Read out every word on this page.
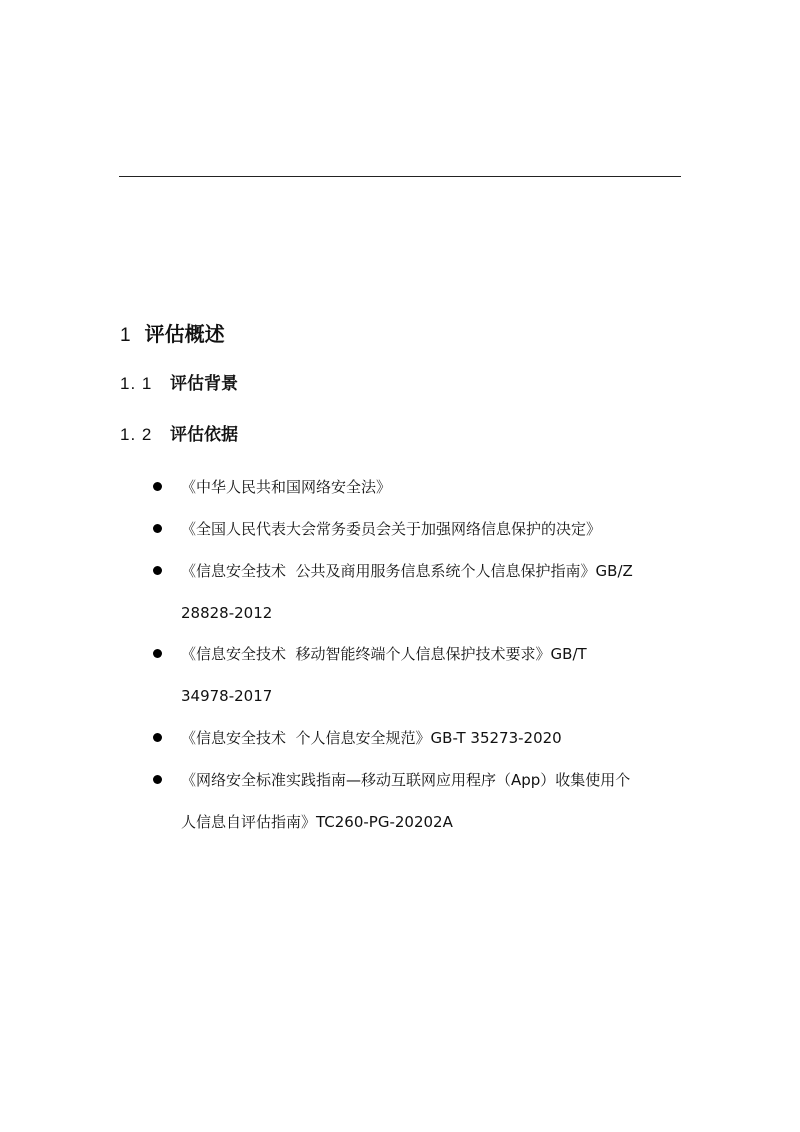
1 评估概述
1. 1 评估背景
1. 2 评估依据
《中华人民共和国网络安全法》
《全国人民代表大会常务委员会关于加强网络信息保护的决定》
《信息安全技术  公共及商用服务信息系统个人信息保护指南》GB/Z
28828-2012
《信息安全技术  移动智能终端个人信息保护技术要求》GB/T
34978-2017
《信息安全技术  个人信息安全规范》GB-T 35273-2020
《网络安全标准实践指南—移动互联网应用程序（App）收集使用个
人信息自评估指南》TC260-PG-20202A
